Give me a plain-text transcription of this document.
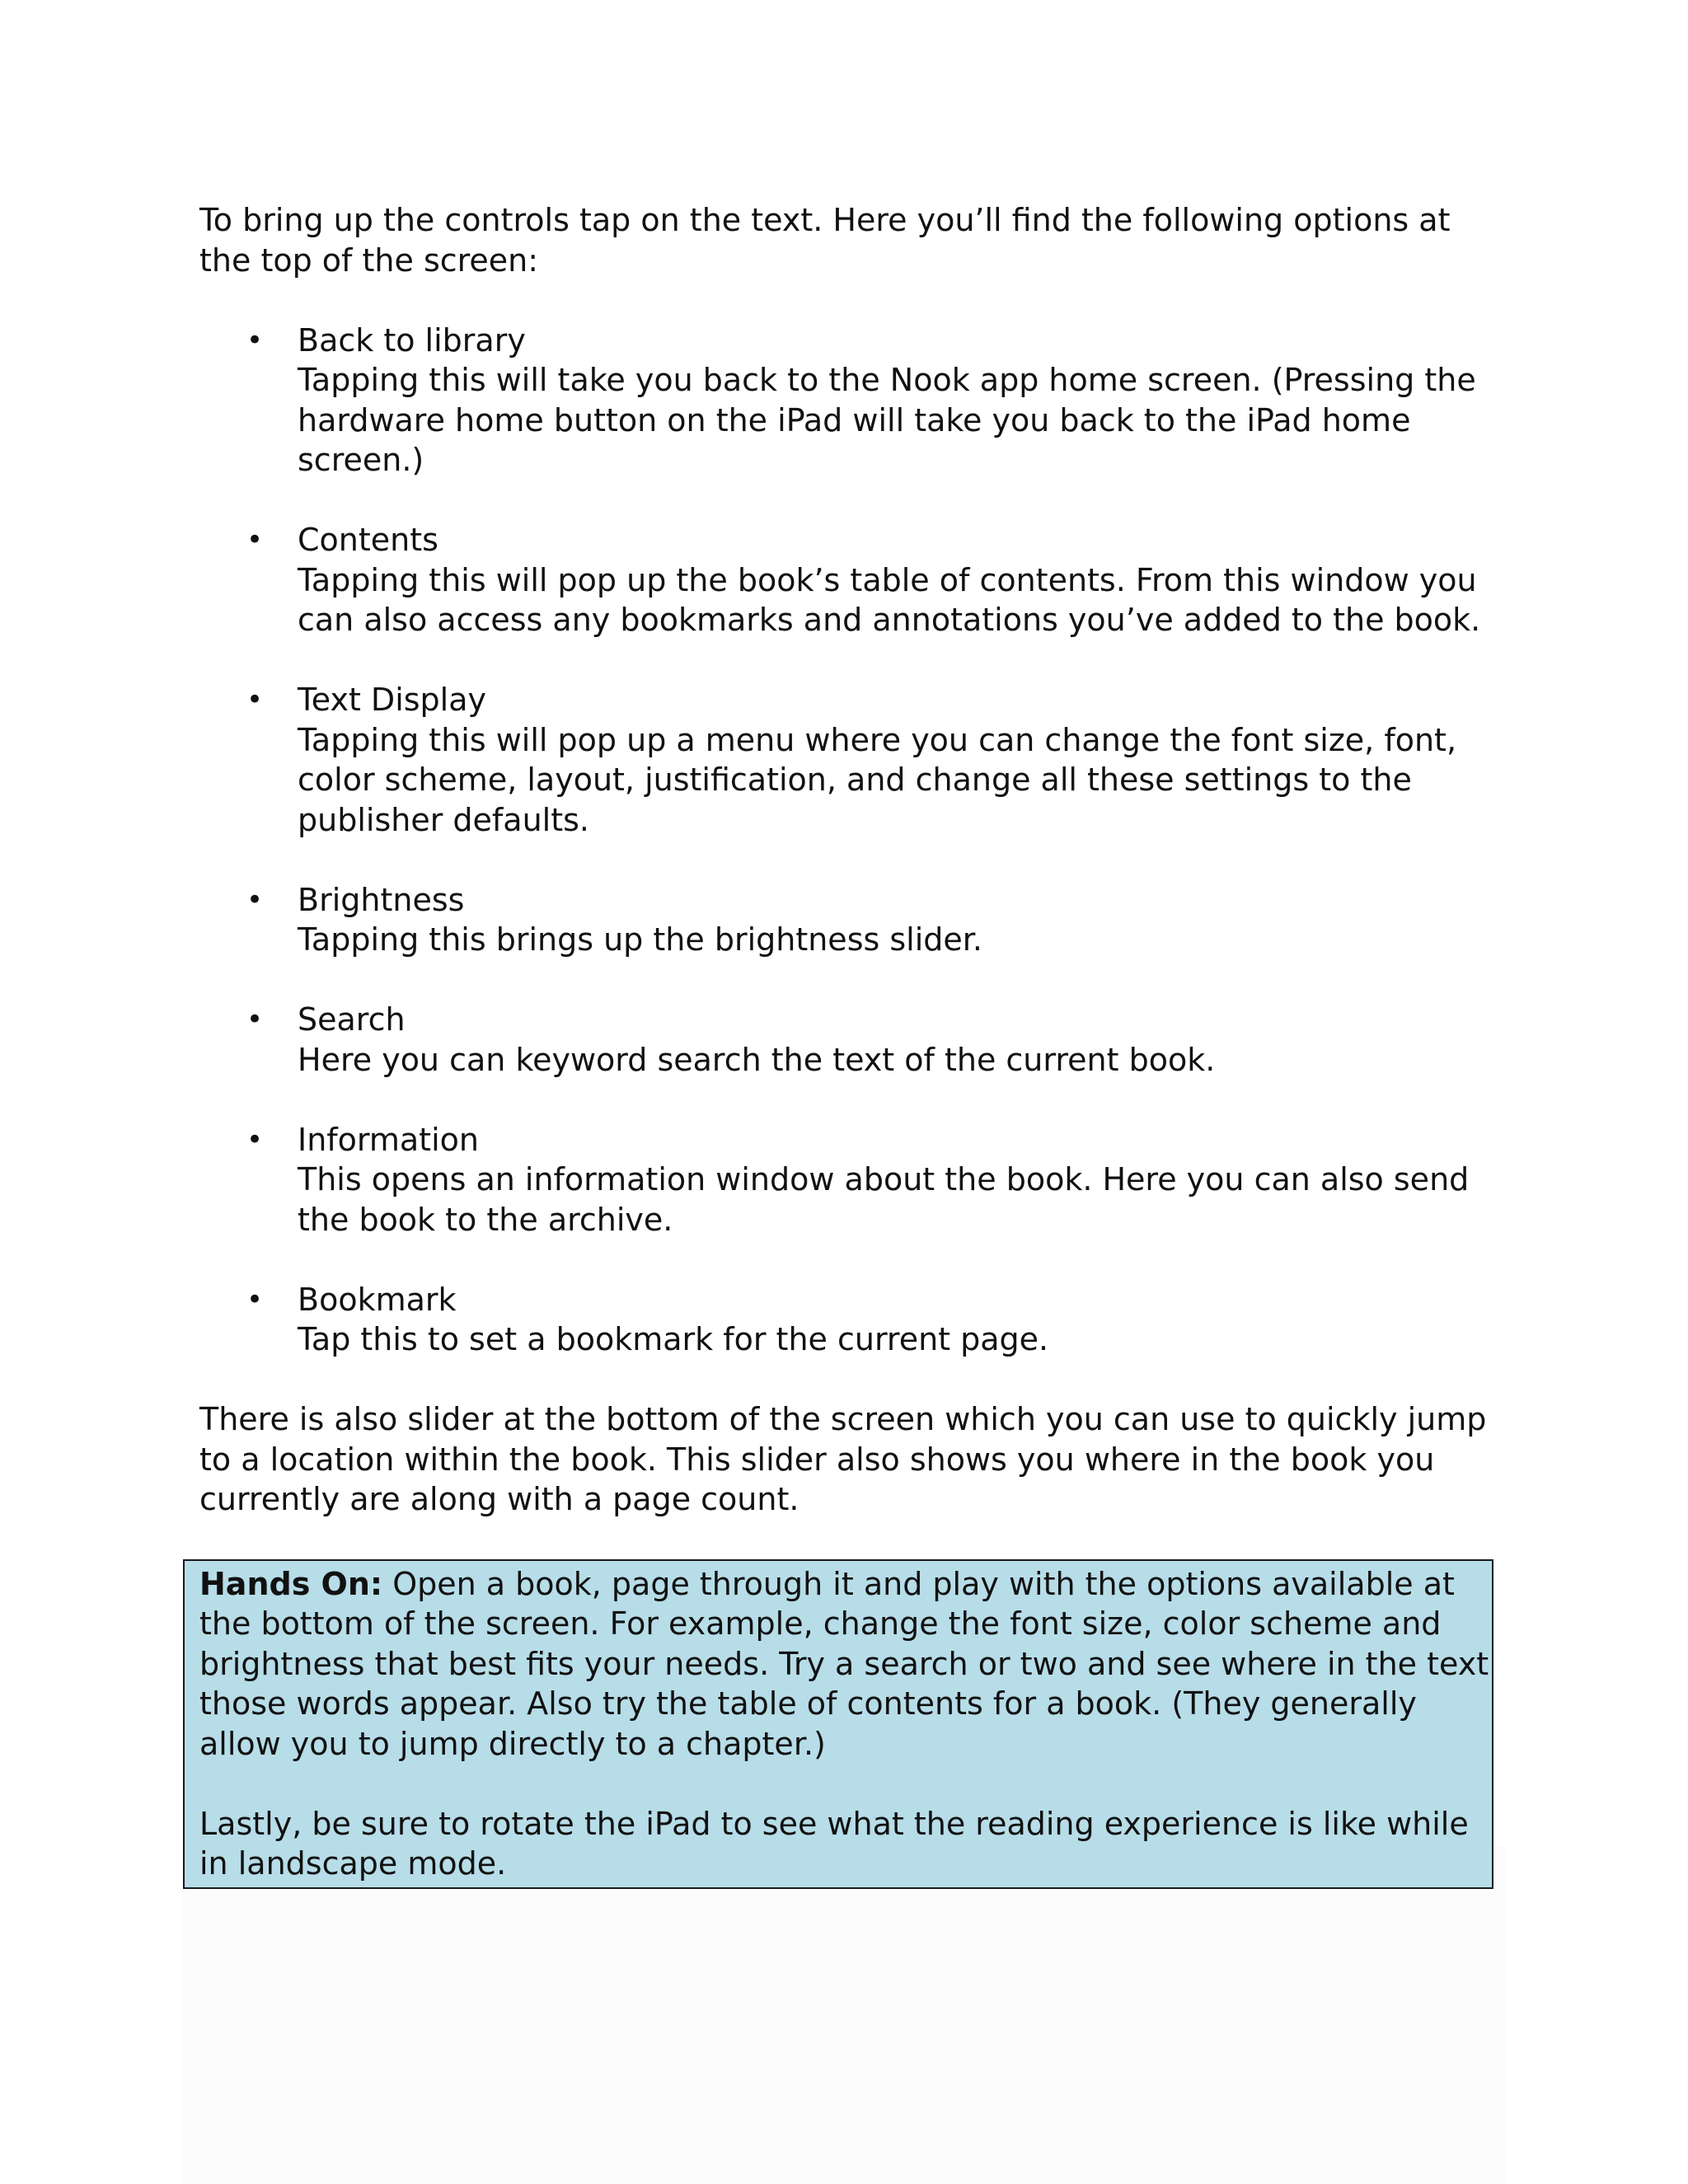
To bring up the controls tap on the text. Here you’ll find the following options at the top of the screen:

• Back to library
Tapping this will take you back to the Nook app home screen. (Pressing the hardware home button on the iPad will take you back to the iPad home screen.)
• Contents
Tapping this will pop up the book’s table of contents. From this window you can also access any bookmarks and annotations you’ve added to the book.
• Text Display
Tapping this will pop up a menu where you can change the font size, font, color scheme, layout, justification, and change all these settings to the publisher defaults.
• Brightness
Tapping this brings up the brightness slider.
• Search
Here you can keyword search the text of the current book.
• Information
This opens an information window about the book. Here you can also send the book to the archive.
• Bookmark
Tap this to set a bookmark for the current page.

There is also slider at the bottom of the screen which you can use to quickly jump to a location within the book. This slider also shows you where in the book you currently are along with a page count.

Hands On: Open a book, page through it and play with the options available at the bottom of the screen. For example, change the font size, color scheme and brightness that best fits your needs. Try a search or two and see where in the text those words appear. Also try the table of contents for a book. (They generally allow you to jump directly to a chapter.)

Lastly, be sure to rotate the iPad to see what the reading experience is like while in landscape mode.
